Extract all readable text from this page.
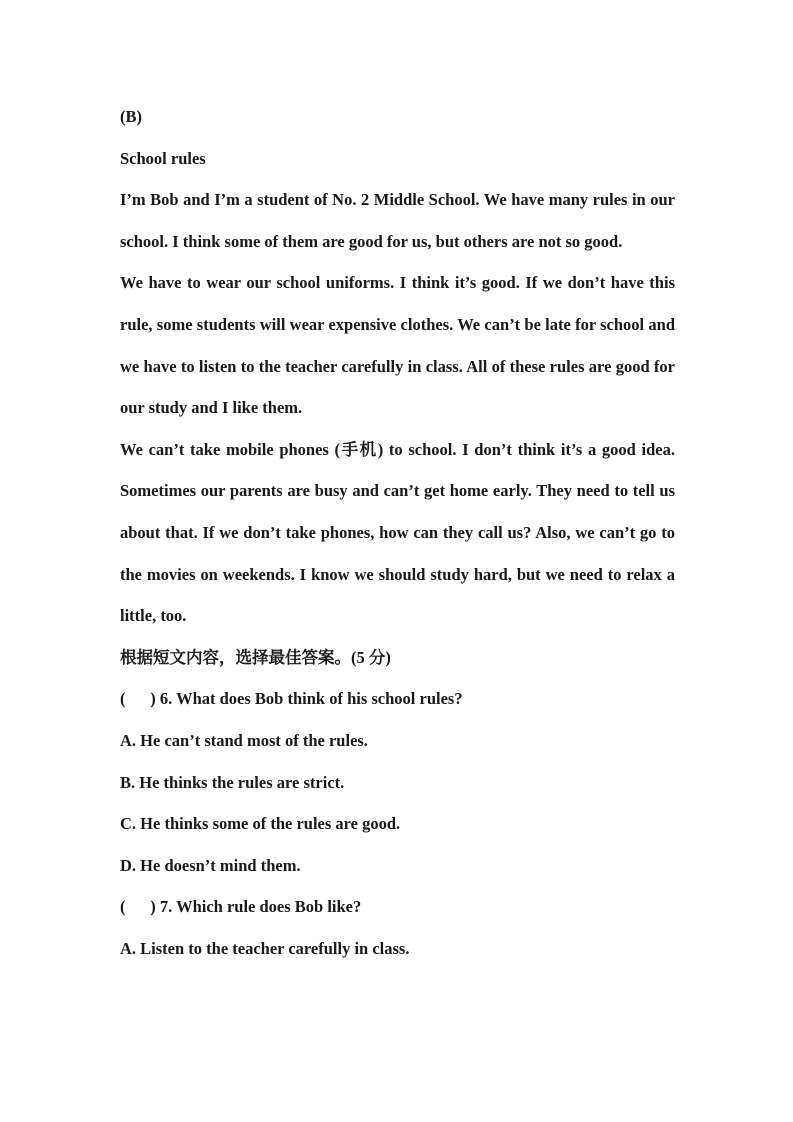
(B)
School rules
I’m Bob and I’m a student of No. 2 Middle School. We have many rules in our school. I think some of them are good for us, but others are not so good.
We have to wear our school uniforms. I think it’s good. If we don’t have this rule, some students will wear expensive clothes. We can’t be late for school and we have to listen to the teacher carefully in class. All of these rules are good for our study and I like them.
We can’t take mobile phones (手机) to school. I don’t think it’s a good idea. Sometimes our parents are busy and can’t get home early. They need to tell us about that. If we don’t take phones, how can they call us? Also, we can’t go to the movies on weekends. I know we should study hard, but we need to relax a little, too.
根据短文内容，选择最佳答案。(5 分)
(      ) 6. What does Bob think of his school rules?
A. He can’t stand most of the rules.
B. He thinks the rules are strict.
C. He thinks some of the rules are good.
D. He doesn’t mind them.
(      ) 7. Which rule does Bob like?
A. Listen to the teacher carefully in class.
